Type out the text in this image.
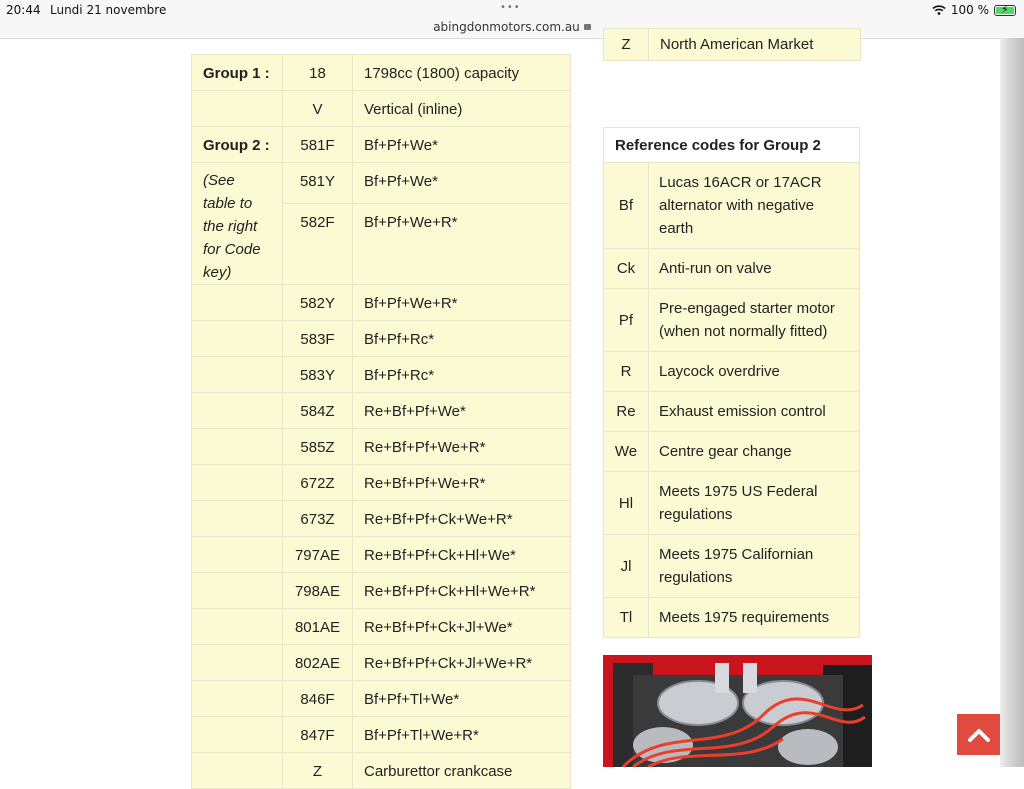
20:44 Lundi 21 novembre	•••
abingdonmotors.com.au
100 % ⚡
Z	North American Market
Group 1 :	18	1798cc (1800) capacity
	V	Vertical (inline)
Group 2 :	581F	Bf+Pf+We*
(See table to the right for Code key)	581Y	Bf+Pf+We*
	582F	Bf+Pf+We+R*
	582Y	Bf+Pf+We+R*
	583F	Bf+Pf+Rc*
	583Y	Bf+Pf+Rc*
	584Z	Re+Bf+Pf+We*
	585Z	Re+Bf+Pf+We+R*
	672Z	Re+Bf+Pf+We+R*
	673Z	Re+Bf+Pf+Ck+We+R*
	797AE	Re+Bf+Pf+Ck+Hl+We*
	798AE	Re+Bf+Pf+Ck+Hl+We+R*
	801AE	Re+Bf+Pf+Ck+Jl+We*
	802AE	Re+Bf+Pf+Ck+Jl+We+R*
	846F	Bf+Pf+Tl+We*
	847F	Bf+Pf+Tl+We+R*
	Z	Carburettor crankcase
Reference codes for Group 2	
Bf	Lucas 16ACR or 17ACR alternator with negative earth
Ck	Anti-run on valve
Pf	Pre-engaged starter motor (when not normally fitted)
R	Laycock overdrive
Re	Exhaust emission control
We	Centre gear change
Hl	Meets 1975 US Federal regulations
Jl	Meets 1975 Californian regulations
Tl	Meets 1975 requirements
